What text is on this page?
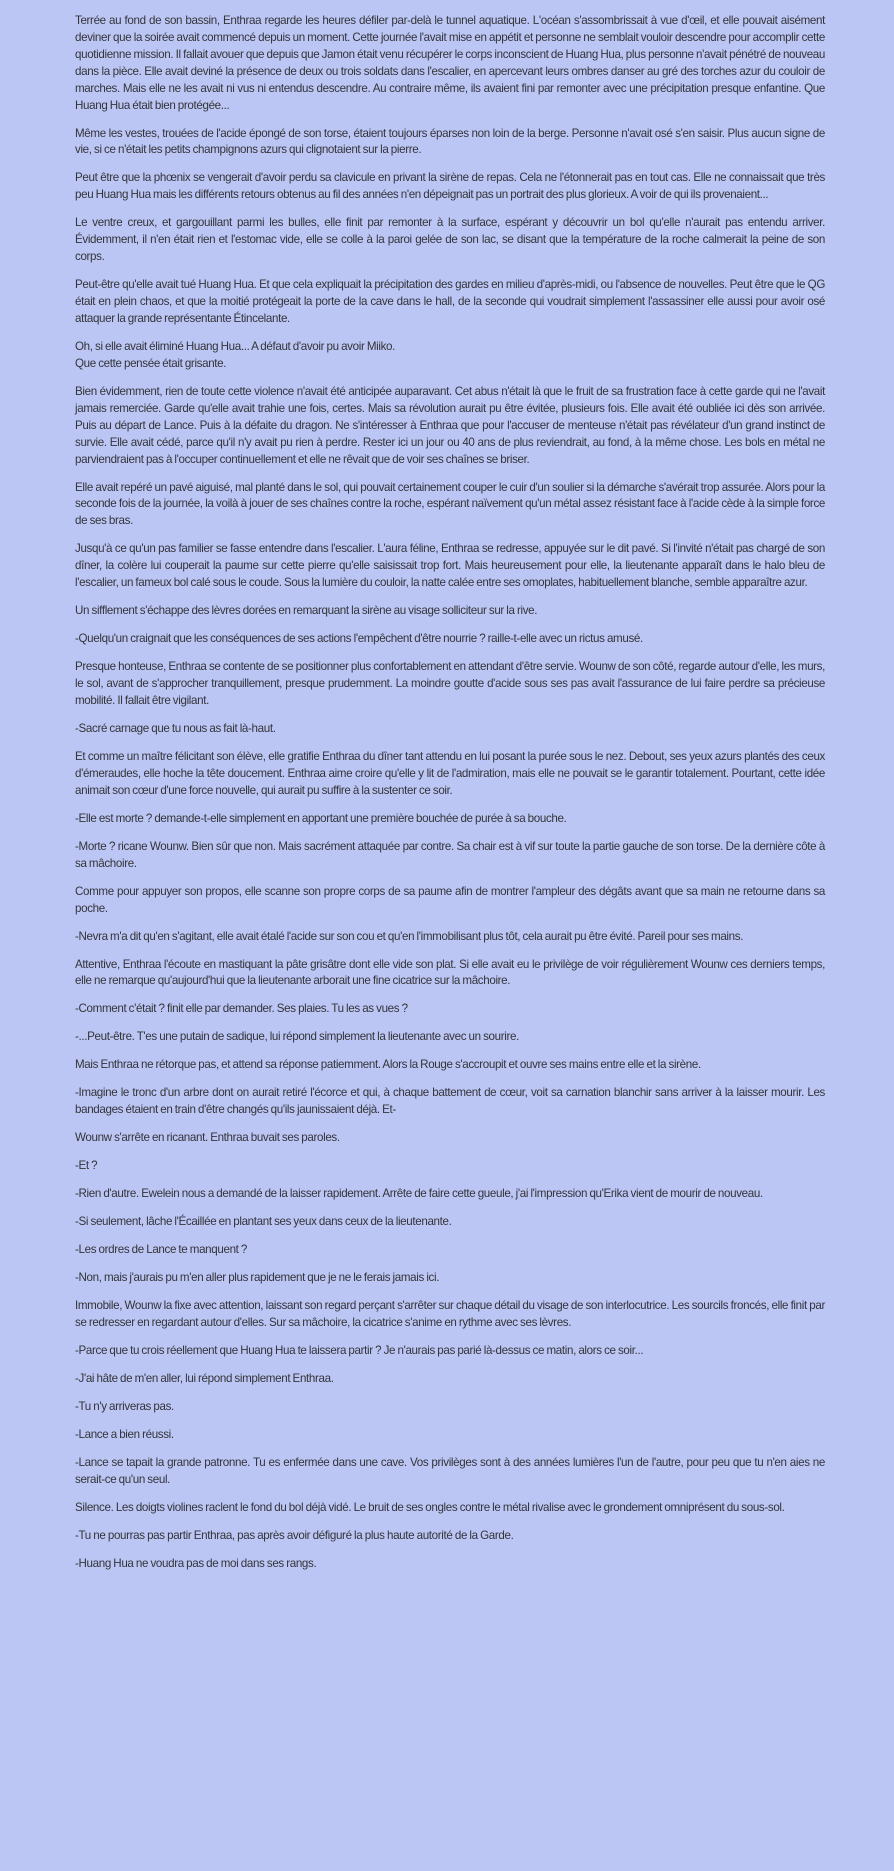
Terrée au fond de son bassin, Enthraa regarde les heures défiler par-delà le tunnel aquatique. L'océan s'assombrissait à vue d'œil, et elle pouvait aisément deviner que la soirée avait commencé depuis un moment. Cette journée l'avait mise en appétit et personne ne semblait vouloir descendre pour accomplir cette quotidienne mission. Il fallait avouer que depuis que Jamon était venu récupérer le corps inconscient de Huang Hua, plus personne n'avait pénétré de nouveau dans la pièce. Elle avait deviné la présence de deux ou trois soldats dans l'escalier, en apercevant leurs ombres danser au gré des torches azur du couloir de marches. Mais elle ne les avait ni vus ni entendus descendre. Au contraire même, ils avaient fini par remonter avec une précipitation presque enfantine. Que Huang Hua était bien protégée...

Même les vestes, trouées de l'acide épongé de son torse, étaient toujours éparses non loin de la berge. Personne n'avait osé s'en saisir. Plus aucun signe de vie, si ce n'était les petits champignons azurs qui clignotaient sur la pierre.

Peut être que la phœnix se vengerait d'avoir perdu sa clavicule en privant la sirène de repas. Cela ne l'étonnerait pas en tout cas. Elle ne connaissait que très peu Huang Hua mais les différents retours obtenus au fil des années n'en dépeignait pas un portrait des plus glorieux. A voir de qui ils provenaient...

Le ventre creux, et gargouillant parmi les bulles, elle finit par remonter à la surface, espérant y découvrir un bol qu'elle n'aurait pas entendu arriver. Évidemment, il n'en était rien et l'estomac vide, elle se colle à la paroi gelée de son lac, se disant que la température de la roche calmerait la peine de son corps.

Peut-être qu'elle avait tué Huang Hua. Et que cela expliquait la précipitation des gardes en milieu d'après-midi, ou l'absence de nouvelles. Peut être que le QG était en plein chaos, et que la moitié protégeait la porte de la cave dans le hall, de la seconde qui voudrait simplement l'assassiner elle aussi pour avoir osé attaquer la grande représentante Étincelante.

Oh, si elle avait éliminé Huang Hua... A défaut d'avoir pu avoir Miiko.
Que cette pensée était grisante.

Bien évidemment, rien de toute cette violence n'avait été anticipée auparavant. Cet abus n'était là que le fruit de sa frustration face à cette garde qui ne l'avait jamais remerciée. Garde qu'elle avait trahie une fois, certes. Mais sa révolution aurait pu être évitée, plusieurs fois. Elle avait été oubliée ici dès son arrivée. Puis au départ de Lance. Puis à la défaite du dragon. Ne s'intéresser à Enthraa que pour l'accuser de menteuse n'était pas révélateur d'un grand instinct de survie. Elle avait cédé, parce qu'il n'y avait pu rien à perdre. Rester ici un jour ou 40 ans de plus reviendrait, au fond, à la même chose. Les bols en métal ne parviendraient pas à l'occuper continuellement et elle ne rêvait que de voir ses chaînes se briser.

Elle avait repéré un pavé aiguisé, mal planté dans le sol, qui pouvait certainement couper le cuir d'un soulier si la démarche s'avérait trop assurée. Alors pour la seconde fois de la journée, la voilà à jouer de ses chaînes contre la roche, espérant naïvement qu'un métal assez résistant face à l'acide cède à la simple force de ses bras.

Jusqu'à ce qu'un pas familier se fasse entendre dans l'escalier. L'aura féline, Enthraa se redresse, appuyée sur le dit pavé. Si l'invité n'était pas chargé de son dîner, la colère lui couperait la paume sur cette pierre qu'elle saisissait trop fort. Mais heureusement pour elle, la lieutenante apparaît dans le halo bleu de l'escalier, un fameux bol calé sous le coude. Sous la lumière du couloir, la natte calée entre ses omoplates, habituellement blanche, semble apparaître azur.

Un sifflement s'échappe des lèvres dorées en remarquant la sirène au visage solliciteur sur la rive.

-Quelqu'un craignait que les conséquences de ses actions l'empêchent d'être nourrie ? raille-t-elle avec un rictus amusé.

Presque honteuse, Enthraa se contente de se positionner plus confortablement en attendant d'être servie. Wounw de son côté, regarde autour d'elle, les murs, le sol, avant de s'approcher tranquillement, presque prudemment. La moindre goutte d'acide sous ses pas avait l'assurance de lui faire perdre sa précieuse mobilité. Il fallait être vigilant.

-Sacré carnage que tu nous as fait là-haut.

Et comme un maître félicitant son élève, elle gratifie Enthraa du dîner tant attendu en lui posant la purée sous le nez. Debout, ses yeux azurs plantés des ceux d'émeraudes, elle hoche la tête doucement. Enthraa aime croire qu'elle y lit de l'admiration, mais elle ne pouvait se le garantir totalement. Pourtant, cette idée animait son cœur d'une force nouvelle, qui aurait pu suffire à la sustenter ce soir.

-Elle est morte ? demande-t-elle simplement en apportant une première bouchée de purée à sa bouche.

-Morte ? ricane Wounw. Bien sûr que non. Mais sacrément attaquée par contre. Sa chair est à vif sur toute la partie gauche de son torse. De la dernière côte à sa mâchoire.

Comme pour appuyer son propos, elle scanne son propre corps de sa paume afin de montrer l'ampleur des dégâts avant que sa main ne retourne dans sa poche.

-Nevra m'a dit qu'en s'agitant, elle avait étalé l'acide sur son cou et qu'en l'immobilisant plus tôt, cela aurait pu être évité. Pareil pour ses mains.

Attentive, Enthraa l'écoute en mastiquant la pâte grisâtre dont elle vide son plat. Si elle avait eu le privilège de voir régulièrement Wounw ces derniers temps, elle ne remarque qu'aujourd'hui que la lieutenante arborait une fine cicatrice sur la mâchoire.

-Comment c'était ? finit elle par demander. Ses plaies. Tu les as vues ?

-...Peut-être. T'es une putain de sadique, lui répond simplement la lieutenante avec un sourire.

Mais Enthraa ne rétorque pas, et attend sa réponse patiemment. Alors la Rouge s'accroupit et ouvre ses mains entre elle et la sirène.

-Imagine le tronc d'un arbre dont on aurait retiré l'écorce et qui, à chaque battement de cœur, voit sa carnation blanchir sans arriver à la laisser mourir. Les bandages étaient en train d'être changés qu'ils jaunissaient déjà. Et-

Wounw s'arrête en ricanant. Enthraa buvait ses paroles.

-Et ?

-Rien d'autre. Ewelein nous a demandé de la laisser rapidement. Arrête de faire cette gueule, j'ai l'impression qu'Erika vient de mourir de nouveau.

-Si seulement, lâche l'Écaillée en plantant ses yeux dans ceux de la lieutenante.

-Les ordres de Lance te manquent ?

-Non, mais j'aurais pu m'en aller plus rapidement que je ne le ferais jamais ici.

Immobile, Wounw la fixe avec attention, laissant son regard perçant s'arrêter sur chaque détail du visage de son interlocutrice. Les sourcils froncés, elle finit par se redresser en regardant autour d'elles. Sur sa mâchoire, la cicatrice s'anime en rythme avec ses lèvres.

-Parce que tu crois réellement que Huang Hua te laissera partir ? Je n'aurais pas parié là-dessus ce matin, alors ce soir...

-J'ai hâte de m'en aller, lui répond simplement Enthraa.

-Tu n'y arriveras pas.

-Lance a bien réussi.

-Lance se tapait la grande patronne. Tu es enfermée dans une cave. Vos privilèges sont à des années lumières l'un de l'autre, pour peu que tu n'en aies ne serait-ce qu'un seul.

Silence. Les doigts violines raclent le fond du bol déjà vidé. Le bruit de ses ongles contre le métal rivalise avec le grondement omniprésent du sous-sol.

-Tu ne pourras pas partir Enthraa, pas après avoir défiguré la plus haute autorité de la Garde.

-Huang Hua ne voudra pas de moi dans ses rangs.
